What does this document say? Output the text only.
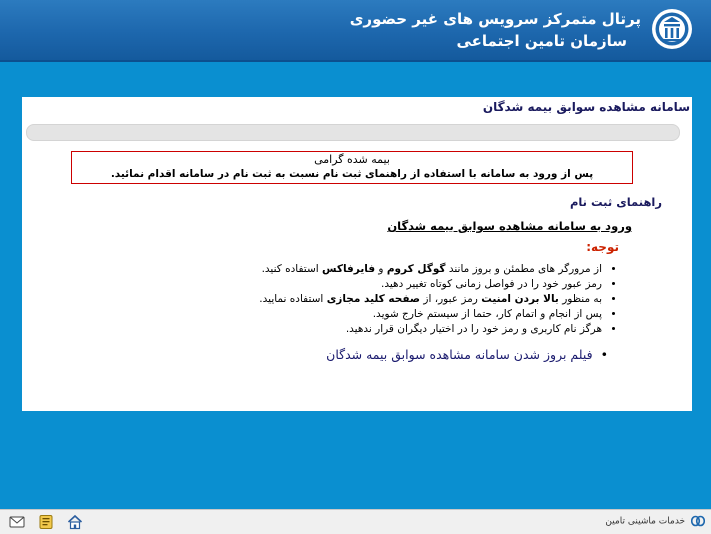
پرتال متمرکز سرویس های غیر حضوری
سازمان تامین اجتماعی
سامانه مشاهده سوابق بیمه شدگان
بیمه شده گرامی
پس از ورود به سامانه با استفاده از راهنمای ثبت نام نسبت به ثبت نام در سامانه اقدام نمائید.
راهنمای ثبت نام
ورود به سامانه مشاهده سوابق بیمه شدگان
توجه:
• از مرورگر های مطمئن و بروز مانند گوگل کروم و فایرفاکس استفاده کنید.
• رمز عبور خود را در فواصل زمانی کوتاه تغییر دهید.
• به منظور بالا بردن امنیت رمز عبور، از صفحه کلید مجازی استفاده نمایید.
• پس از انجام و اتمام کار، حتما از سیستم خارج شوید.
• هرگز نام کاربری و رمز خود را در اختیار دیگران قرار ندهید.
• فیلم بروز شدن سامانه مشاهده سوابق بیمه شدگان
خدمات ماشینی تامین
